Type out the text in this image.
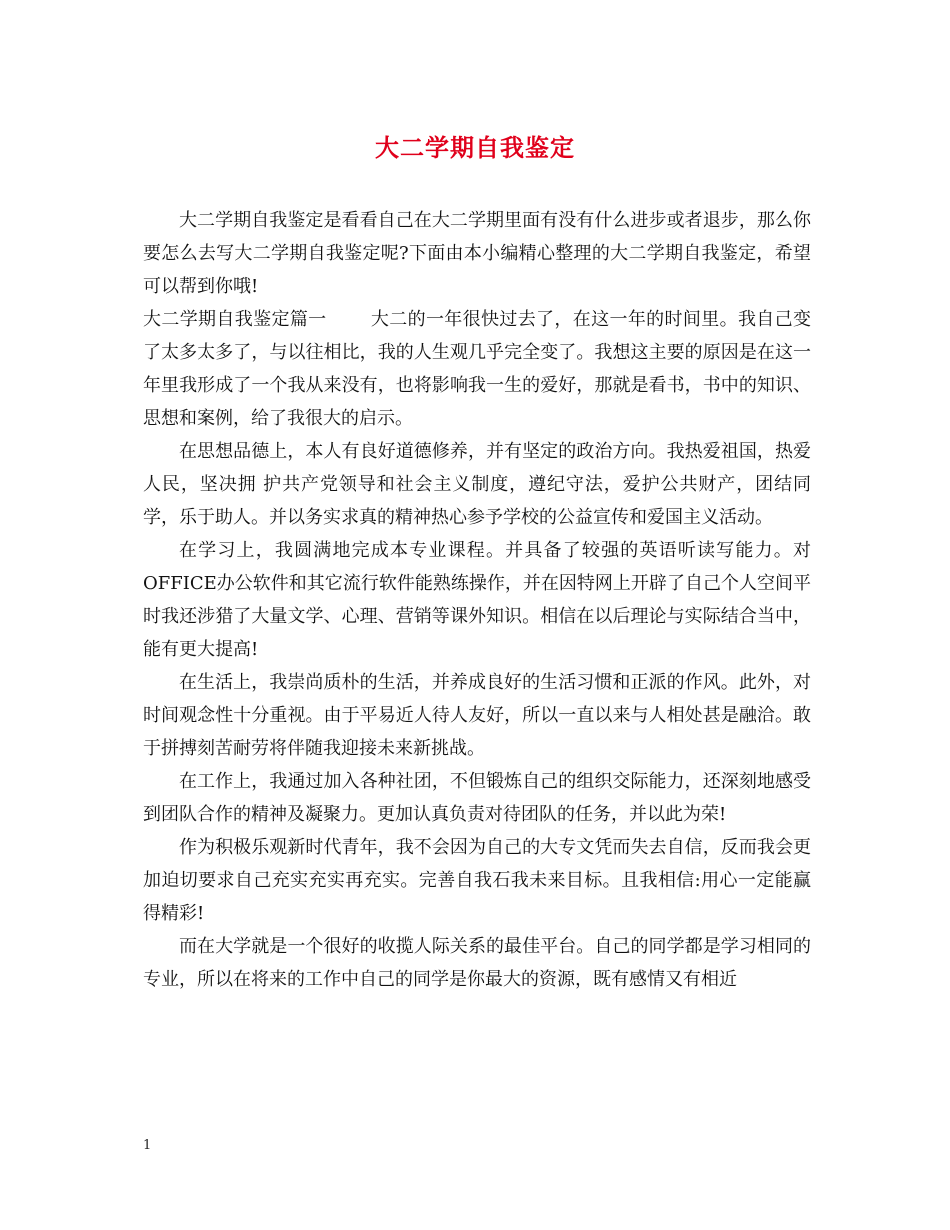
大二学期自我鉴定

大二学期自我鉴定是看看自己在大二学期里面有没有什么进步或者退步，那么你要怎么去写大二学期自我鉴定呢?下面由本小编精心整理的大二学期自我鉴定，希望可以帮到你哦!

大二学期自我鉴定篇一 大二的一年很快过去了，在这一年的时间里。我自己变了太多太多了，与以往相比，我的人生观几乎完全变了。我想这主要的原因是在这一年里我形成了一个我从来没有，也将影响我一生的爱好，那就是看书，书中的知识、思想和案例，给了我很大的启示。

在思想品德上，本人有良好道德修养，并有坚定的政治方向。我热爱祖国，热爱人民，坚决拥 护共产党领导和社会主义制度，遵纪守法，爱护公共财产，团结同学，乐于助人。并以务实求真的精神热心参予学校的公益宣传和爱国主义活动。

在学习上，我圆满地完成本专业课程。并具备了较强的英语听读写能力。对OFFICE办公软件和其它流行软件能熟练操作，并在因特网上开辟了自己个人空间平时我还涉猎了大量文学、心理、营销等课外知识。相信在以后理论与实际结合当中，能有更大提高!

在生活上，我崇尚质朴的生活，并养成良好的生活习惯和正派的作风。此外，对时间观念性十分重视。由于平易近人待人友好，所以一直以来与人相处甚是融洽。敢于拼搏刻苦耐劳将伴随我迎接未来新挑战。

在工作上，我通过加入各种社团，不但锻炼自己的组织交际能力，还深刻地感受到团队合作的精神及凝聚力。更加认真负责对待团队的任务，并以此为荣!

作为积极乐观新时代青年，我不会因为自己的大专文凭而失去自信，反而我会更加迫切要求自己充实充实再充实。完善自我石我未来目标。且我相信:用心一定能赢得精彩!

而在大学就是一个很好的收揽人际关系的最佳平台。自己的同学都是学习相同的专业，所以在将来的工作中自己的同学是你最大的资源，既有感情又有相近

1
